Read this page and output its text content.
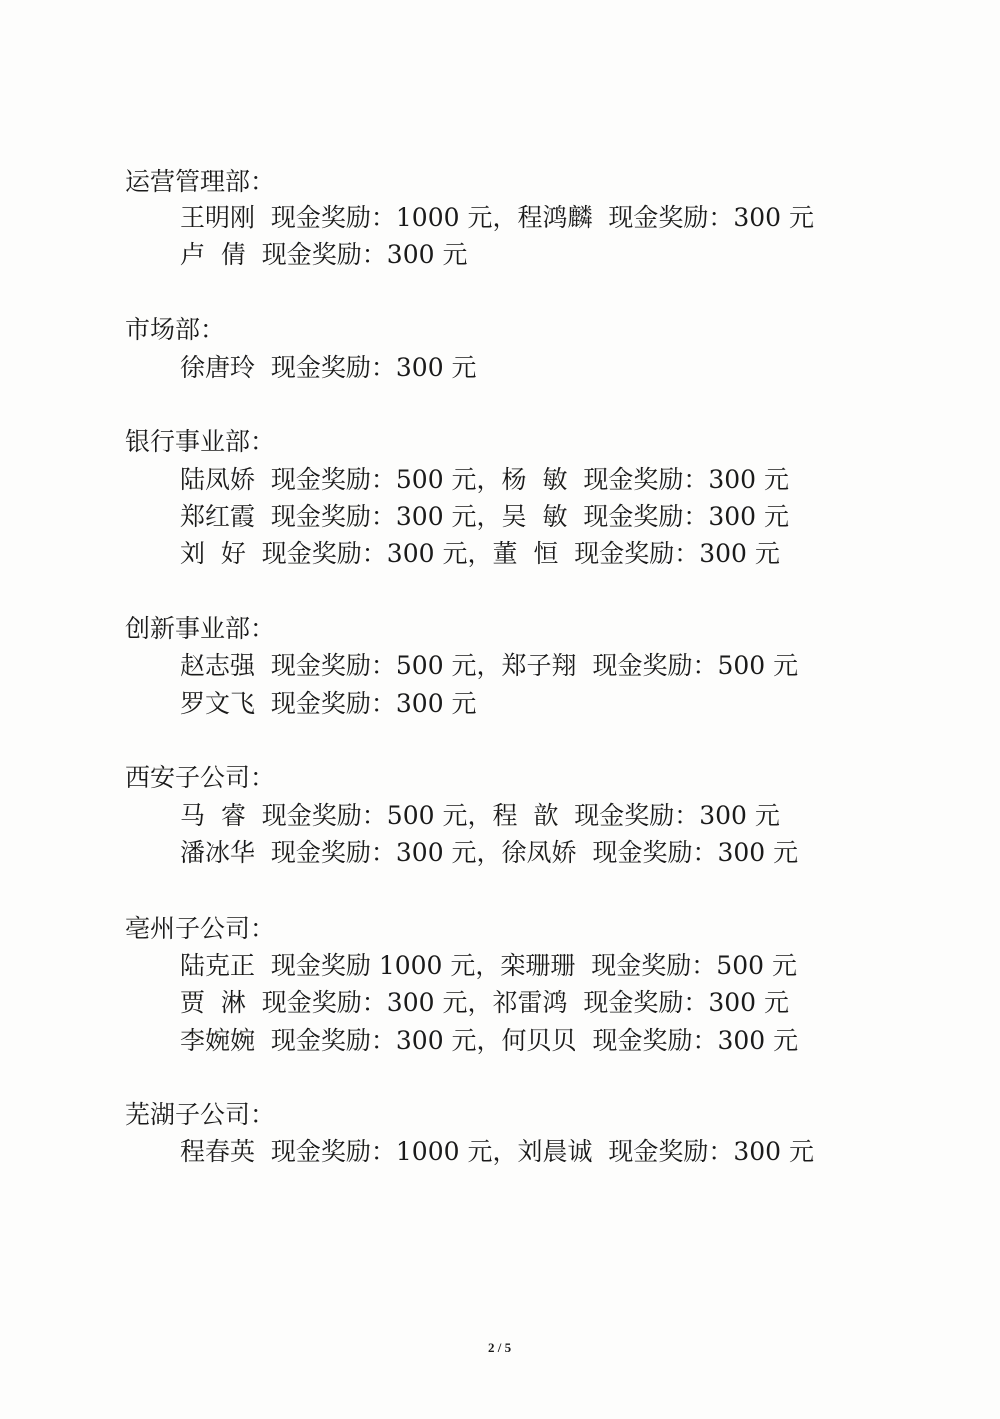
运营管理部：
王明刚  现金奖励：1000 元，程鸿麟  现金奖励：300 元
卢  倩  现金奖励：300 元
市场部：
徐唐玲  现金奖励：300 元
银行事业部：
陆凤娇  现金奖励：500 元，杨  敏  现金奖励：300 元
郑红霞  现金奖励：300 元，吴  敏  现金奖励：300 元
刘  好  现金奖励：300 元，董  恒  现金奖励：300 元
创新事业部：
赵志强  现金奖励：500 元，郑子翔  现金奖励：500 元
罗文飞  现金奖励：300 元
西安子公司：
马  睿  现金奖励：500 元，程  歆  现金奖励：300 元
潘冰华  现金奖励：300 元，徐凤娇  现金奖励：300 元
亳州子公司：
陆克正  现金奖励 1000 元，栾珊珊  现金奖励：500 元
贾  淋  现金奖励：300 元，祁雷鸿  现金奖励：300 元
李婉婉  现金奖励：300 元，何贝贝  现金奖励：300 元
芜湖子公司：
程春英  现金奖励：1000 元，刘晨诚  现金奖励：300 元
2 / 5
